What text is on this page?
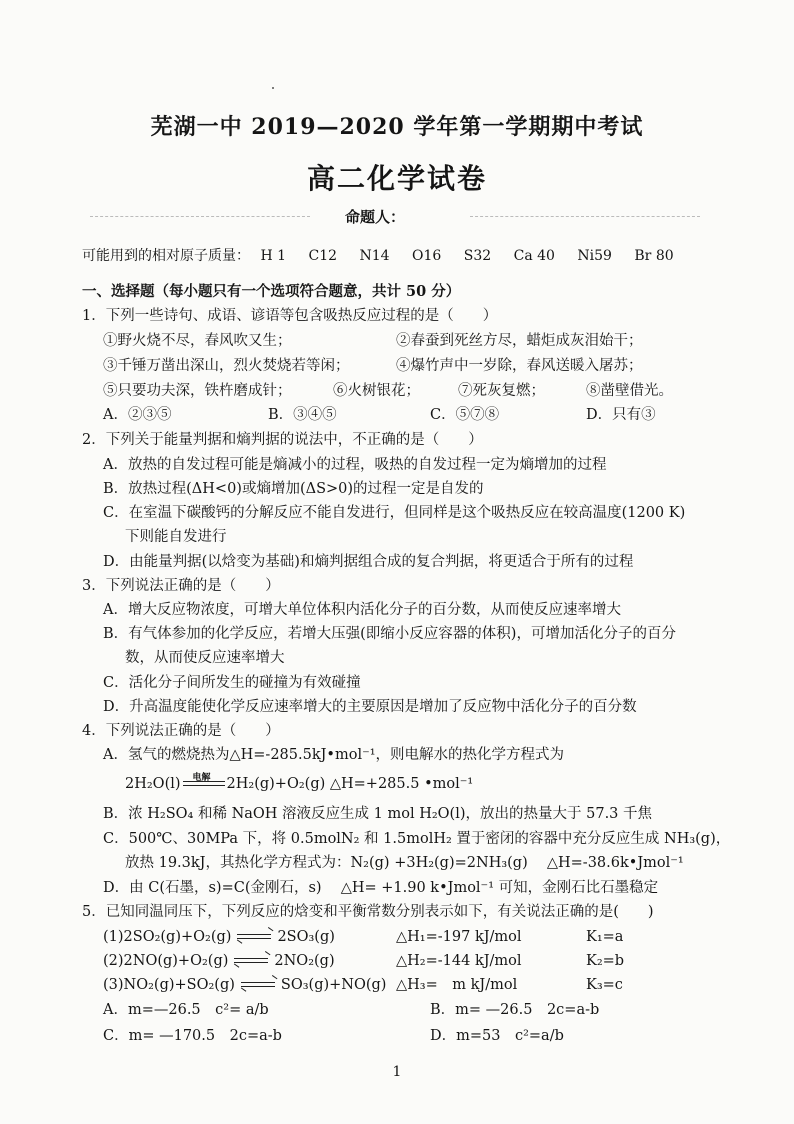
芜湖一中 2019—2020 学年第一学期期中考试
高二化学试卷
命题人：
可能用到的相对原子质量： H 1 C12 N14 O16 S32 Ca 40 Ni59 Br 80
一、选择题（每小题只有一个选项符合题意，共计 50 分）
1．下列一些诗句、成语、谚语等包含吸热反应过程的是（　　）
①野火烧不尽，春风吹又生；	②春蚕到死丝方尽，蜡炬成灰泪始干；
③千锤万凿出深山，烈火焚烧若等闲；	④爆竹声中一岁除，春风送暖入屠苏；
⑤只要功夫深，铁杵磨成针；	⑥火树银花；	⑦死灰复燃；	⑧凿壁借光。
A．②③⑤	B．③④⑤	C．⑤⑦⑧	D．只有③
2．下列关于能量判据和熵判据的说法中，不正确的是（　　）
A．放热的自发过程可能是熵减小的过程，吸热的自发过程一定为熵增加的过程
B．放热过程(ΔH<0)或熵增加(ΔS>0)的过程一定是自发的
C．在室温下碳酸钙的分解反应不能自发进行，但同样是这个吸热反应在较高温度(1200 K)
下则能自发进行
D．由能量判据(以焓变为基础)和熵判据组合成的复合判据，将更适合于所有的过程
3．下列说法正确的是（　　）
A．增大反应物浓度，可增大单位体积内活化分子的百分数，从而使反应速率增大
B．有气体参加的化学反应，若增大压强(即缩小反应容器的体积)，可增加活化分子的百分
数，从而使反应速率增大
C．活化分子间所发生的碰撞为有效碰撞
D．升高温度能使化学反应速率增大的主要原因是增加了反应物中活化分子的百分数
4．下列说法正确的是（　　）
A．氢气的燃烧热为△H=-285.5kJ•mol⁻¹，则电解水的热化学方程式为
2H₂O(l) 电解 2H₂(g)+O₂(g) △H=+285.5 •mol⁻¹
B．浓 H₂SO₄ 和稀 NaOH 溶液反应生成 1 mol H₂O(l)，放出的热量大于 57.3 千焦
C．500℃、30MPa 下，将 0.5molN₂ 和 1.5molH₂ 置于密闭的容器中充分反应生成 NH₃(g)，
放热 19.3kJ，其热化学方程式为：N₂(g) +3H₂(g)=2NH₃(g)　 △H=-38.6k•Jmol⁻¹
D．由 C(石墨，s)=C(金刚石，s)　 △H= +1.90 k•Jmol⁻¹ 可知，金刚石比石墨稳定
5．已知同温同压下，下列反应的焓变和平衡常数分别表示如下，有关说法正确的是(　　)
(1)2SO₂(g)+O₂(g)	2SO₃(g)	△H₁=-197 kJ/mol	K₁=a
(2)2NO(g)+O₂(g)	2NO₂(g)	△H₂=-144 kJ/mol	K₂=b
(3)NO₂(g)+SO₂(g)	SO₃(g)+NO(g) △H₃=　m kJ/mol	K₃=c
A．m=—26.5　c²= a/b	B．m= —26.5　2c=a-b
C．m= —170.5　2c=a-b	D．m=53　c²=a/b
1
